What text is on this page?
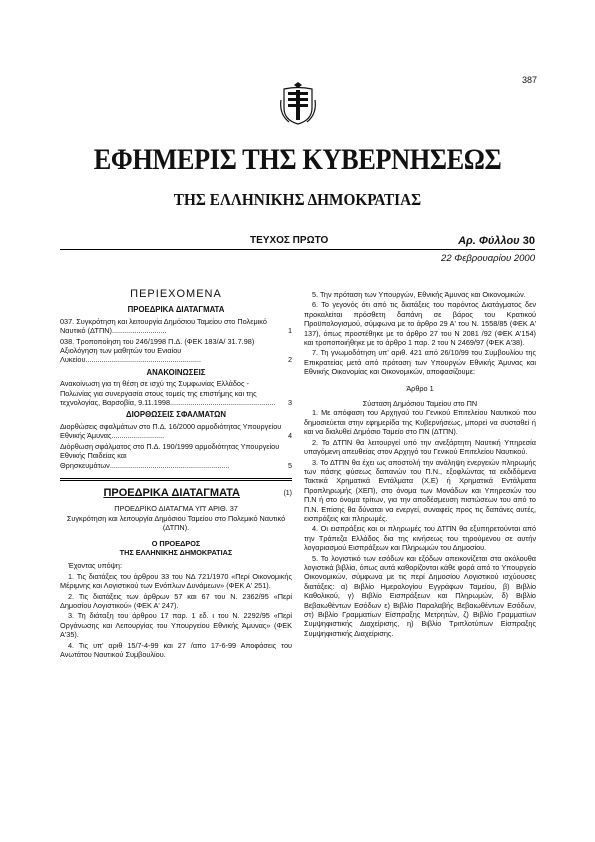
387
ΕΦΗΜΕΡΙΣ ΤΗΣ ΚΥΒΕΡΝΗΣΕΩΣ
ΤΗΣ ΕΛΛΗΝΙΚΗΣ ΔΗΜΟΚΡΑΤΙΑΣ
ΤΕΥΧΟΣ ΠΡΩΤΟ	Αρ. Φύλλου 30
22 Φεβρουαρίου 2000
ΠΕΡΙΕΧΟΜΕΝΑ
ΠΡΟΕΔΡΙΚΑ ΔΙΑΤΑΓΜΑΤΑ
037. Συγκρότηση και λειτουργία Δημόσιου Ταμείου στο Πολεμικό Ναυτικό (ΔΤΠΝ)...........................	1
038. Τροποποίηση του 246/1998 Π.Δ. (ΦΕΚ 183/Α/ 31.7.98) Αξιολόγηση των μαθητών του Ενιαίου Λυκείου.........................................................	2
ΑΝΑΚΟΙΝΩΣΕΙΣ
Ανακοίνωση για τη θέση σε ισχύ της Συμφωνίας Ελλάδος - Πολωνίας για συνεργασία στους τομείς της επιστήμης και της τεχνολογίας, Βαρσοβία, 9.11.1998....................................................	3
ΔΙΟΡΘΩΣΕΙΣ ΣΦΑΛΜΑΤΩΝ
Διορθώσεις σφαλμάτων στο Π.Δ. 16/2000 αρμοδιότητας Υπουργείου Εθνικής Άμυνας..........................	4
Διόρθωση σφάλματος στο Π.Δ. 190/1999 αρμοδιότητας Υπουργείου Εθνικής Παιδείας και Θρησκευμάτων...........................................................	5
ΠΡΟΕΔΡΙΚΑ ΔΙΑΤΑΓΜΑΤΑ	(1)
ΠΡΟΕΔΡΙΚΟ ΔΙΑΤΑΓΜΑ ΥΠ' ΑΡΙΘ. 37
Συγκρότηση και λειτουργία Δημόσιου Ταμείου στο Πολεμικό Ναυτικό (ΔΤΠΝ).
Ο ΠΡΟΕΔΡΟΣ
ΤΗΣ ΕΛΛΗΝΙΚΗΣ ΔΗΜΟΚΡΑΤΙΑΣ

Έχοντας υπόψη:

1. Τις διατάξεις του άρθρου 33 του ΝΔ 721/1970 «Περί Οικονομικής Μέριμνης και Λογιστικού των Ενόπλων Δυνάμεων» (ΦΕΚ Α' 251).

2. Τις διατάξεις των άρθρων 57 και 67 του Ν. 2362/95 «Περί Δημοσίου Λογιστικού» (ΦΕΚ Α' 247).

3. Τη διάταξη του άρθρου 17 παρ. 1 εδ. ι του Ν. 2292/95 «Περί Οργάνωσης και Λειτουργίας του Υπουργείου Εθνικής Άμυνας» (ΦΕΚ Α'35).

4. Τις υπ' αριθ 15/7-4-99 και 27 /απο 17-6-99 Αποφάσεις του Ανωτάτου Ναυτικού Συμβουλίου.

5. Την πρόταση των Υπουργών, Εθνικής Άμυνας και Οικονομικών.

6. Το γεγονός ότι από τις διατάξεις του παρόντος Διατάγματος δεν προκαλείται πρόσθετη δαπάνη σε βάρος του Κρατικού Προϋπολογισμού, σύμφωνα με το άρθρο 29 Α' του Ν. 1558/85 (ΦΕΚ Α' 137), όπως προστέθηκε με το άρθρο 27 του Ν 2081 /92 (ΦΕΚ Α'154) και τροποποιήθηκε με το άρθρο 1 παρ. 2 του Ν 2469/97 (ΦΕΚ Α'38).

7. Τη γνωμοδότηση υπ' αριθ. 421 από 26/10/99 του Συμβουλίου της Επικρατείας μετά από πρόταση των Υπουργών Εθνικής Άμυνας και Εθνικής Οικονομίας και Οικονομικών, αποφασίζουμε:

Άρθρο 1
Σύσταση Δημόσιου Ταμείου στο ΠΝ

1. Με απόφαση του Αρχηγού του Γενικού Επιτελείου Ναυτικού που δημοσιεύεται στην εφημερίδα της Κυβερνήσεως, μπορεί να συσταθεί ή και να διαλυθεί Δημόσιο Ταμείο στο ΠΝ (ΔΤΠΝ).

2. Το ΔΤΠΝ θα λειτουργεί υπό την ανεξάρτητη Ναυτική Υπηρεσία υπαγόμενη απευθείας στον Αρχηγό του Γενικού Επιτελείου Ναυτικού.

3. Το ΔΤΠΝ θα έχει ως αποστολή την ανάληψη ενεργειών πληρωμής των πάσης φύσεως δαπανών του Π.Ν., εξοφλώντας τα εκδιδόμενα Τακτικά Χρηματικά Εντάλματα (Χ.Ε) ή Χρηματικά Εντάλματα Προπληρωμής (ΧΕΠ), στο όνομα των Μονάδων και Υπηρεσιών του Π.Ν ή στο όνομα τρίτων, για την αποδέσμευση πιστώσεων του από το Π.Ν. Επίσης θα δύναται να ενεργεί, συναφείς προς τις δαπάνες αυτές, εισπράξεις και πληρωμές.

4. Οι εισπράξεις και οι πληρωμές του ΔΤΠΝ θα εξυπηρετούνται από την Τράπεζα Ελλάδος δια της κινήσεως του τηρούμενου σε αυτήν λογαριασμού Εισπράξεων και Πληρωμών του Δημοσίου.

5. Το λογιστικό των εσόδων και εξόδων απεικονίζεται στα ακόλουθα λογιστικά βιβλία, όπως αυτά καθορίζονται κάθε φορά από το Υπουργείο Οικονομικών, σύμφωνα με τις περί Δημοσίου Λογιστικού ισχύουσες διατάξεις: α) Βιβλίο Ημερολογίου Εγγράφων Ταμείου, β) Βιβλίο Καθολικού, γ) Βιβλίο Εισπράξεων και Πληρωμών, δ) Βιβλίο Βεβαιωθέντων Εσόδων ε) Βιβλίο Παραλαβής Βεβαιωθέντων Εσόδων, στ) Βιβλίο Γραμματίων Είσπραξης Μετρητών, ζ) Βιβλίο Γραμματίων Συμψηφιστικής Διαχείρισης, η) Βιβλίο Τριπλοτύπων Είσπραξης Συμψηφιστικής Διαχείρισης.
